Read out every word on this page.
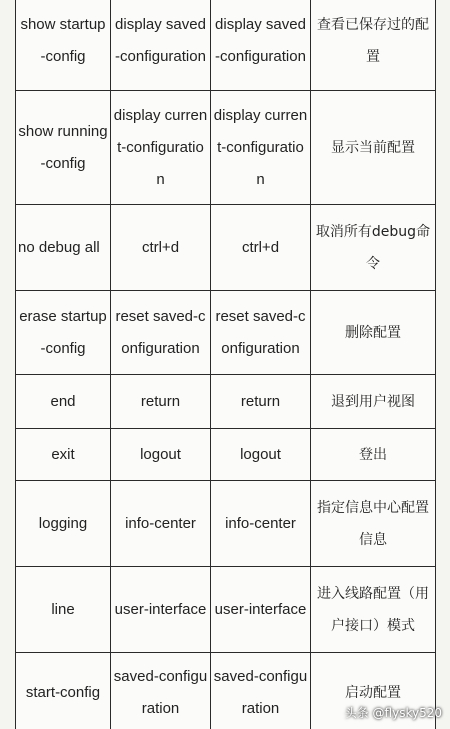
show startup-config	display saved-configuration	display saved-configuration	查看已保存过的配置
show running-config	display current-configuration	display current-configuration	显示当前配置
no debug all	ctrl+d	ctrl+d	取消所有debug命令
erase startup-config	reset saved-configuration	reset saved-configuration	删除配置
end	return	return	退到用户视图
exit	logout	logout	登出
logging	info-center	info-center	指定信息中心配置信息
line	user-interface	user-interface	进入线路配置（用户接口）模式
start-config	saved-configuration	saved-configuration	启动配置
头条 @flysky520
